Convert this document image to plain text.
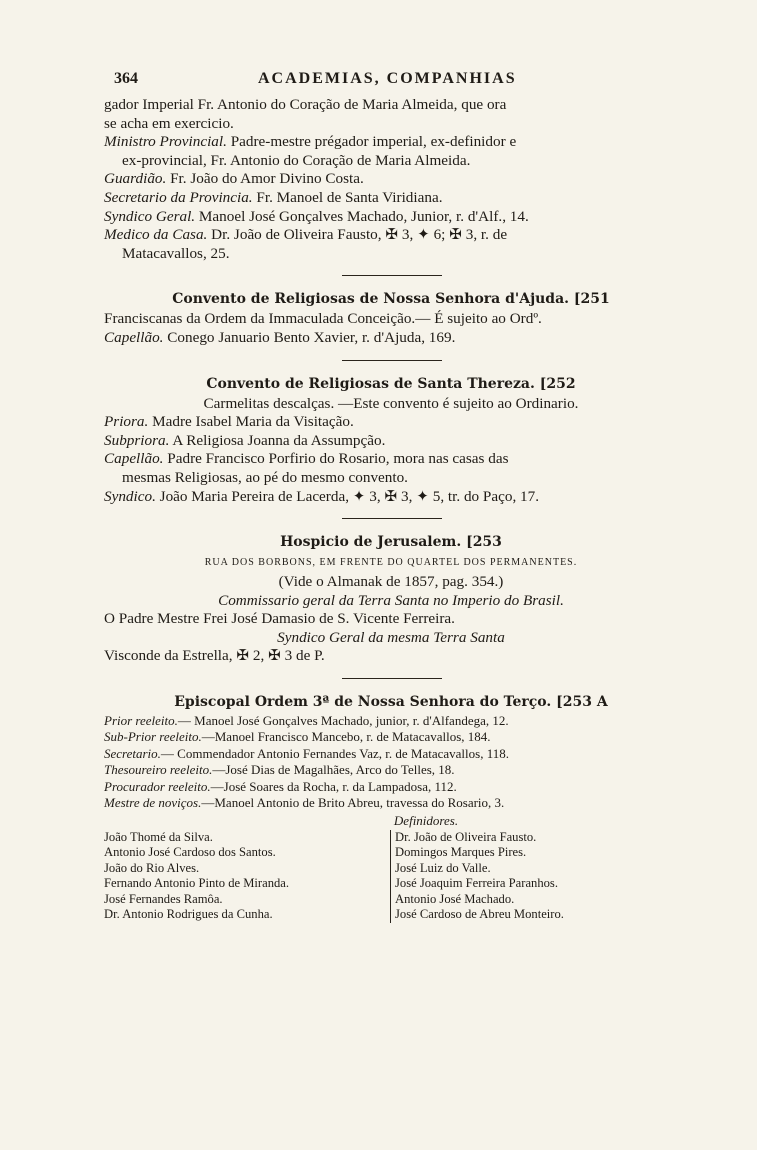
364	ACADEMIAS, COMPANHIAS
gador Imperial Fr. Antonio do Coração de Maria Almeida, que ora
se acha em exercicio.
Ministro Provincial. Padre-mestre prégador imperial, ex-definidor e
ex-provincial, Fr. Antonio do Coração de Maria Almeida.
Guardião. Fr. João do Amor Divino Costa.
Secretario da Provincia. Fr. Manoel de Santa Viridiana.
Syndico Geral. Manoel José Gonçalves Machado, Junior, r. d'Alf., 14.
Medico da Casa. Dr. João de Oliveira Fausto, ✠ 3, ✦ 6; ✠ 3, r. de
Matacavallos, 25.
Convento de Religiosas de Nossa Senhora d'Ajuda. [251
Franciscanas da Ordem da Immaculada Conceição.— É sujeito ao Ordº.
Capellão. Conego Januario Bento Xavier, r. d'Ajuda, 169.
Convento de Religiosas de Santa Thereza. [252
Carmelitas descalças. —Este convento é sujeito ao Ordinario.
Priora. Madre Isabel Maria da Visitação.
Subpriora. A Religiosa Joanna da Assumpção.
Capellão. Padre Francisco Porfirio do Rosario, mora nas casas das
mesmas Religiosas, ao pé do mesmo convento.
Syndico. João Maria Pereira de Lacerda, ✦ 3, ✠ 3, ✦ 5, tr. do Paço, 17.
Hospicio de Jerusalem. [253
RUA DOS BORBONS, EM FRENTE DO QUARTEL DOS PERMANENTES.
(Vide o Almanak de 1857, pag. 354.)
Commissario geral da Terra Santa no Imperio do Brasil.
O Padre Mestre Frei José Damasio de S. Vicente Ferreira.
Syndico Geral da mesma Terra Santa
Visconde da Estrella, ✠ 2, ✠ 3 de P.
Episcopal Ordem 3ª de Nossa Senhora do Terço. [253 A
Prior reeleito.— Manoel José Gonçalves Machado, junior, r. d'Alfandega, 12.
Sub-Prior reeleito.—Manoel Francisco Mancebo, r. de Matacavallos, 184.
Secretario.— Commendador Antonio Fernandes Vaz, r. de Matacavallos, 118.
Thesoureiro reeleito.—José Dias de Magalhães, Arco do Telles, 18.
Procurador reeleito.—José Soares da Rocha, r. da Lampadosa, 112.
Mestre de noviços.—Manoel Antonio de Brito Abreu, travessa do Rosario, 3.
Definidores.
João Thomé da Silva.
Antonio José Cardoso dos Santos.
João do Rio Alves.
Fernando Antonio Pinto de Miranda.
José Fernandes Ramôa.
Dr. Antonio Rodrigues da Cunha.
Dr. João de Oliveira Fausto.
Domingos Marques Pires.
José Luiz do Valle.
José Joaquim Ferreira Paranhos.
Antonio José Machado.
José Cardoso de Abreu Monteiro.
